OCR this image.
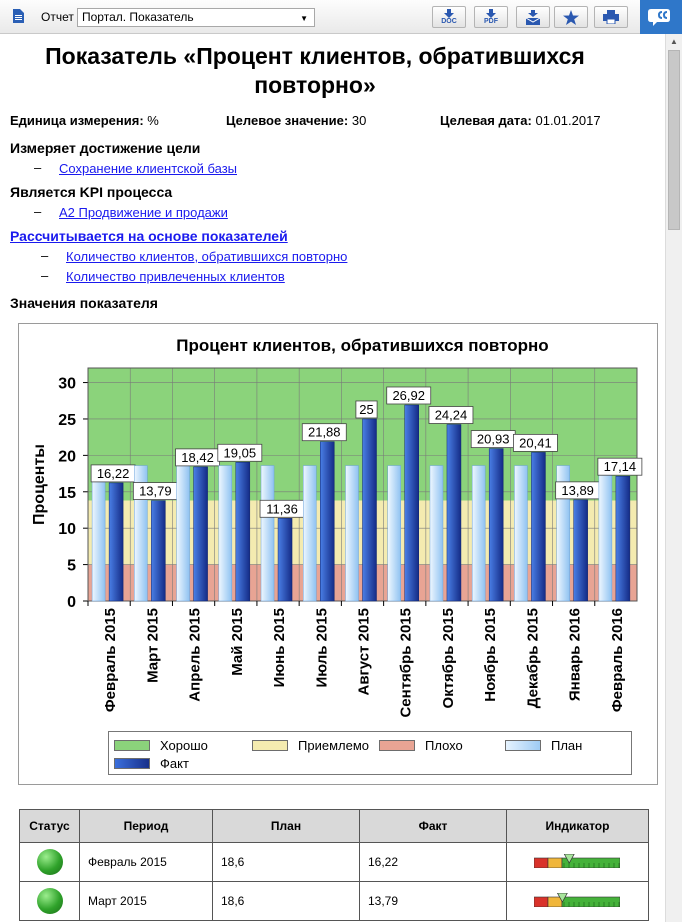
Отчет Портал. Показатель	▼	DOC	PDF
▲
Показатель «Процент клиентов, обратившихся повторно»
Единица измерения: %	Целевое значение: 30	Целевая дата: 01.01.2017
Измеряет достижение цели
– Сохранение клиентской базы
Является KPI процесса
– А2 Продвижение и продажи
Рассчитывается на основе показателей
– Количество клиентов, обратившихся повторно
– Количество привлеченных клиентов
Значения показателя
Процент клиентов, обратившихся повторно
0
5
10
15
20
25
30
Проценты	16,22
Февраль 2015
13,79
Март 2015
18,42
Апрель 2015
19,05
Май 2015
11,36
Июнь 2015
21,88
Июль 2015
25
Август 2015
26,92
Сентябрь 2015
24,24
Октябрь 2015
20,93
Ноябрь 2015
20,41
Декабрь 2015
13,89
Январь 2016
17,14
Февраль 2016
Хорошо	Приемлемо	Плохо	План
Факт
Статус	Период	План	Факт	Индикатор

	Февраль 2015	18,6	16,22	

	Март 2015	18,6	13,79	
